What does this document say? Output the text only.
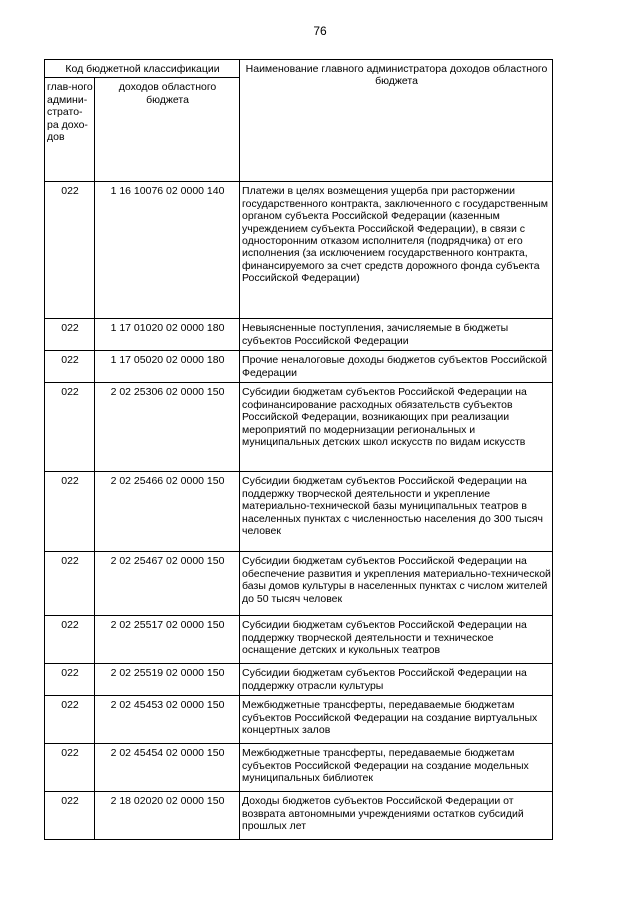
76
Код бюджетной классификации		Наименование главного администратора доходов областного бюджета
глав-ного админи-страто-ра дохо-дов	доходов областного бюджета	
022	1 16 10076 02 0000 140	Платежи в целях возмещения ущерба при расторжении государственного контракта, заключенного с государственным органом субъекта Российской Федерации (казенным учреждением субъекта Российской Федерации), в связи с односторонним отказом исполнителя (подрядчика) от его исполнения (за исключением государственного контракта, финансируемого за счет средств дорожного фонда субъекта Российской Федерации)
022	1 17 01020 02 0000 180	Невыясненные поступления, зачисляемые в бюджеты субъектов Российской Федерации
022	1 17 05020 02 0000 180	Прочие неналоговые доходы бюджетов субъектов Российской Федерации
022	2 02 25306 02 0000 150	Субсидии бюджетам субъектов Российской Федерации на софинансирование расходных обязательств субъектов Российской Федерации, возникающих при реализации мероприятий по модернизации региональных и муниципальных детских школ искусств по видам искусств
022	2 02 25466 02 0000 150	Субсидии бюджетам субъектов Российской Федерации на поддержку творческой деятельности и укрепление материально-технической базы муниципальных театров в населенных пунктах с численностью населения до 300 тысяч человек
022	2 02 25467 02 0000 150	Субсидии бюджетам субъектов Российской Федерации на обеспечение развития и укрепления материально-технической базы домов культуры в населенных пунктах с числом жителей до 50 тысяч человек
022	2 02 25517 02 0000 150	Субсидии бюджетам субъектов Российской Федерации на поддержку творческой деятельности и техническое оснащение детских и кукольных театров
022	2 02 25519 02 0000 150	Субсидии бюджетам субъектов Российской Федерации на поддержку отрасли культуры
022	2 02 45453 02 0000 150	Межбюджетные трансферты, передаваемые бюджетам субъектов Российской Федерации на создание виртуальных концертных залов
022	2 02 45454 02 0000 150	Межбюджетные трансферты, передаваемые бюджетам субъектов Российской Федерации на создание модельных муниципальных библиотек
022	2 18 02020 02 0000 150	Доходы бюджетов субъектов Российской Федерации от возврата автономными учреждениями остатков субсидий прошлых лет
